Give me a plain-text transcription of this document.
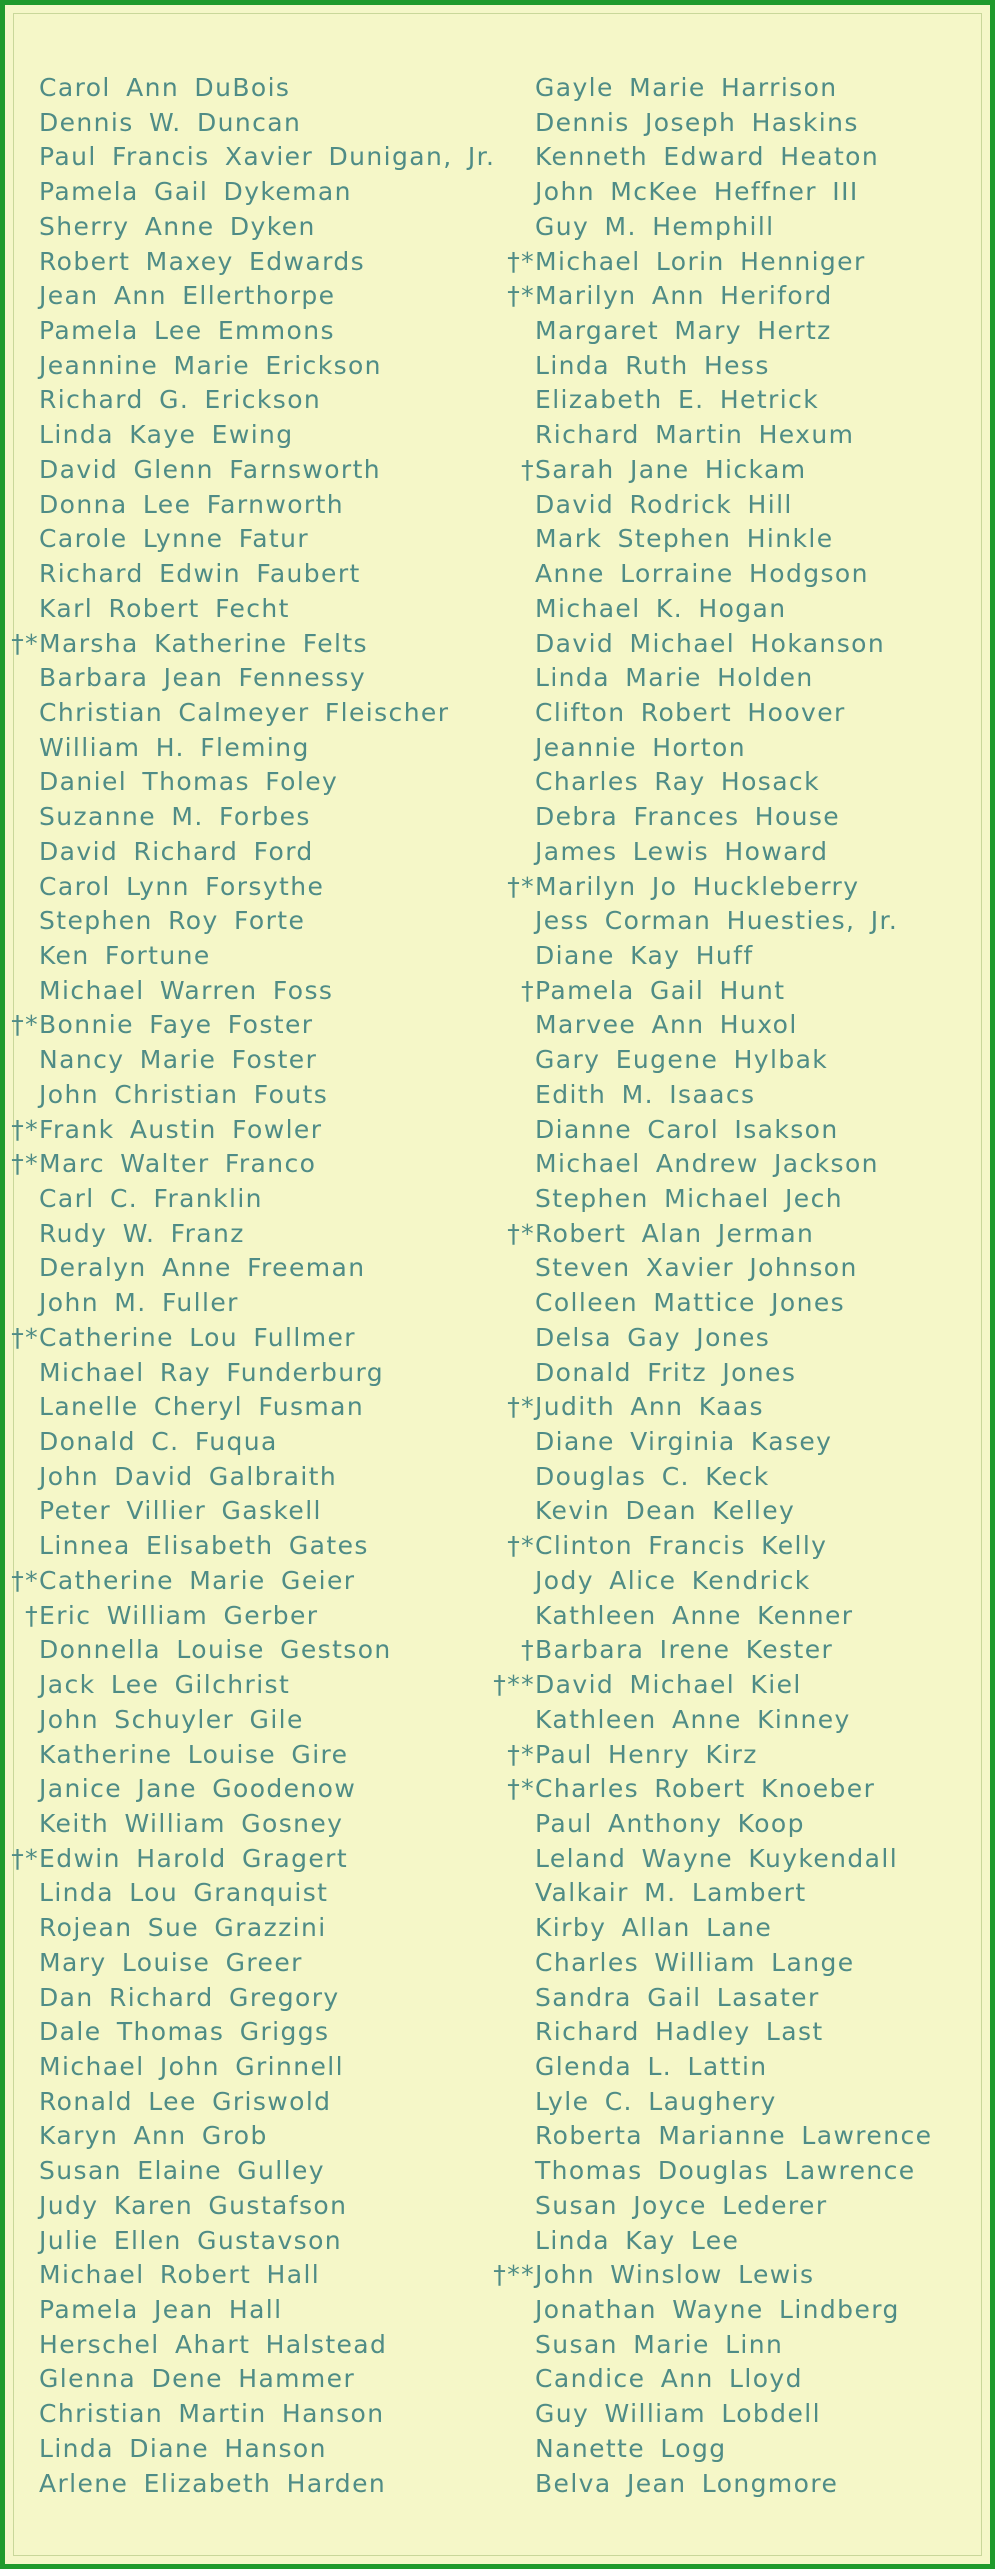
Carol Ann DuBois
Dennis W. Duncan
Paul Francis Xavier Dunigan, Jr.
Pamela Gail Dykeman
Sherry Anne Dyken
Robert Maxey Edwards
Jean Ann Ellerthorpe
Pamela Lee Emmons
Jeannine Marie Erickson
Richard G. Erickson
Linda Kaye Ewing
David Glenn Farnsworth
Donna Lee Farnworth
Carole Lynne Fatur
Richard Edwin Faubert
Karl Robert Fecht
†*Marsha Katherine Felts
Barbara Jean Fennessy
Christian Calmeyer Fleischer
William H. Fleming
Daniel Thomas Foley
Suzanne M. Forbes
David Richard Ford
Carol Lynn Forsythe
Stephen Roy Forte
Ken Fortune
Michael Warren Foss
†*Bonnie Faye Foster
Nancy Marie Foster
John Christian Fouts
†*Frank Austin Fowler
†*Marc Walter Franco
Carl C. Franklin
Rudy W. Franz
Deralyn Anne Freeman
John M. Fuller
†*Catherine Lou Fullmer
Michael Ray Funderburg
Lanelle Cheryl Fusman
Donald C. Fuqua
John David Galbraith
Peter Villier Gaskell
Linnea Elisabeth Gates
†*Catherine Marie Geier
†Eric William Gerber
Donnella Louise Gestson
Jack Lee Gilchrist
John Schuyler Gile
Katherine Louise Gire
Janice Jane Goodenow
Keith William Gosney
†*Edwin Harold Gragert
Linda Lou Granquist
Rojean Sue Grazzini
Mary Louise Greer
Dan Richard Gregory
Dale Thomas Griggs
Michael John Grinnell
Ronald Lee Griswold
Karyn Ann Grob
Susan Elaine Gulley
Judy Karen Gustafson
Julie Ellen Gustavson
Michael Robert Hall
Pamela Jean Hall
Herschel Ahart Halstead
Glenna Dene Hammer
Christian Martin Hanson
Linda Diane Hanson
Arlene Elizabeth Harden
Gayle Marie Harrison
Dennis Joseph Haskins
Kenneth Edward Heaton
John McKee Heffner III
Guy M. Hemphill
†*Michael Lorin Henniger
†*Marilyn Ann Heriford
Margaret Mary Hertz
Linda Ruth Hess
Elizabeth E. Hetrick
Richard Martin Hexum
†Sarah Jane Hickam
David Rodrick Hill
Mark Stephen Hinkle
Anne Lorraine Hodgson
Michael K. Hogan
David Michael Hokanson
Linda Marie Holden
Clifton Robert Hoover
Jeannie Horton
Charles Ray Hosack
Debra Frances House
James Lewis Howard
†*Marilyn Jo Huckleberry
Jess Corman Huesties, Jr.
Diane Kay Huff
†Pamela Gail Hunt
Marvee Ann Huxol
Gary Eugene Hylbak
Edith M. Isaacs
Dianne Carol Isakson
Michael Andrew Jackson
Stephen Michael Jech
†*Robert Alan Jerman
Steven Xavier Johnson
Colleen Mattice Jones
Delsa Gay Jones
Donald Fritz Jones
†*Judith Ann Kaas
Diane Virginia Kasey
Douglas C. Keck
Kevin Dean Kelley
†*Clinton Francis Kelly
Jody Alice Kendrick
Kathleen Anne Kenner
†Barbara Irene Kester
†**David Michael Kiel
Kathleen Anne Kinney
†*Paul Henry Kirz
†*Charles Robert Knoeber
Paul Anthony Koop
Leland Wayne Kuykendall
Valkair M. Lambert
Kirby Allan Lane
Charles William Lange
Sandra Gail Lasater
Richard Hadley Last
Glenda L. Lattin
Lyle C. Laughery
Roberta Marianne Lawrence
Thomas Douglas Lawrence
Susan Joyce Lederer
Linda Kay Lee
†**John Winslow Lewis
Jonathan Wayne Lindberg
Susan Marie Linn
Candice Ann Lloyd
Guy William Lobdell
Nanette Logg
Belva Jean Longmore
